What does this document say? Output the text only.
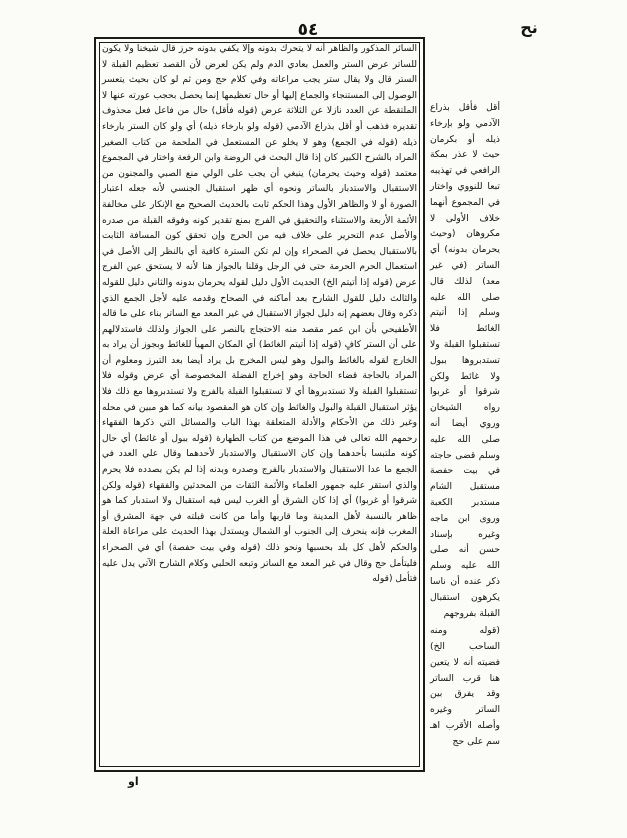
٥٤	نح

السائر المذكور والظاهر أنه لا يتحرك بدونه وإلا يكفي بدونه حرز قال شيخنا ولا يكون للساتر عرض الستر والعمل بعادي الدم ولم يكن لعرض لأن القصد تعظيم القبلة لا الستر قال ولا يقال ستر يجب مراعاته وفي كلام حج ومن ثم لو كان بحيث يتعسر الوصول إلى المستنجاء والجماع إليها أو حال تعظيمها إنما يحصل بحجب عورته عنها لا الملتقطة عن العدد نازلا عن الثلاثة عرض (قوله فأقل) حال من فاعل فعل محذوف تقديره فذهب أو أقل بذراع الآدمي (قوله ولو بارخاء ذيله) أي ولو كان الستر بارخاء ذيله (قوله في الجمع) وهو لا يخلو عن المستعمل في الملحمة من كتاب الصغير المراد بالشرح الكبير كان إذا قال البحث في الروضة وابن الرفعة واختار في المجموع معتمد (قوله وحيث يحرمان) ينبغي أن يجب على الولي منع الصبي والمجنون من الاستقبال والاستدبار بالساتر ونحوه أي ظهر استقبال الجنسي لأنه جعله اعتبار الصورة أو لا والظاهر الأول وهذا الحكم ثابت بالحديث الصحيح مع الإنكار على مخالفة الأئمة الأربعة والاستثناء والتحقيق في الفرج بمنع تقدير كونه وفوقه القبلة من صدره والأصل عدم التحرير على خلاف فيه من الحرج وإن تحقق كون المسافة الثابت بالاستقبال يحصل في الصحراء وإن لم تكن السترة كافية أي بالنظر إلى الأصل في استعمال الحرم الحرمة حتى في الرجل وقلنا بالجواز هنا لأنه لا يستحق عين الفرج عرض (قوله إذا أتيتم الخ) الحديث الأول دليل لقوله يحرمان بدونه والثاني دليل للقوله والثالث دليل للقول الشارح بعد أماكنه في الصحاح وقدمه عليه لأجل الجمع الذي ذكره وقال بعضهم إنه دليل لجواز الاستقبال في غير المعد مع الساتر بناء على ما قاله الأطفيحي بأن ابن عمر مقصد منه الاحتجاج بالنصر على الجواز ولذلك فاستدلالهم على أن الستر كافٍ (قوله إذا أتيتم الغائط) أي المكان المهيأ للغائط وبجوز أن يراد به الخارج لقوله بالغائط والبول وهو ليس المخرج بل يراد أيضا بعد التبرز ومعلوم أن المراد بالحاجة قضاء الحاجة وهو إخراج الفضلة المخصوصة أي عرض وقوله فلا تستقبلوا القبلة ولا تستدبروها أي لا تستقبلوا القبلة بالفرج ولا تستدبروها مع ذلك فلا يؤثر استقبال القبلة والبول والغائط وإن كان هو المقصود بيانه كما هو مبين في محله وغير ذلك من الأحكام والأدلة المتعلقة بهذا الباب والمسائل التي ذكرها الفقهاء رحمهم الله تعالى في هذا الموضع من كتاب الطهارة (قوله ببول أو غائط) أي حال كونه ملتبسا بأحدهما وإن كان الاستقبال والاستدبار لأحدهما وقال علي العدد في الجمع ما عدا الاستقبال والاستدبار بالفرج وصدره وبدنه إذا لم يكن بصدده فلا يحرم والذي استقر عليه جمهور العلماء والأئمة الثقات من المحدثين والفقهاء (قوله ولكن شرقوا أو غربوا) أي إذا كان الشرق أو الغرب ليس فيه استقبال ولا استدبار كما هو ظاهر بالنسبة لأهل المدينة وما قاربها وأما من كانت قبلته في جهة المشرق أو المغرب فإنه ينحرف إلى الجنوب أو الشمال ويستدل بهذا الحديث على مراعاة العلة والحكم لأهل كل بلد بحسبها ونحو ذلك (قوله وفي بيت حفصة) أي في الصحراء فليتأمل حج وقال في غير المعد مع الساتر وتبعه الحلبي وكلام الشارح الآتي يدل عليه فتأمل (قوله

أقل فأقل بذراع الآدمي ولو بإرخاء ذيله أو بكرمان حيث لا عذر بمكة الرافعي في تهذيبه تبعا للنووي واختار في المجموع أنهما خلاف الأولى لا مكروهان (وحيث يحرمان بدونه) أي الساتر (في غير معد) لذلك قال صلى الله عليه وسلم إذا أتيتم الغائط فلا تستقبلوا القبلة ولا تستدبروها ببول ولا غائط ولكن شرقوا أو غربوا رواه الشيخان وروي أيضا أنه صلى الله عليه وسلم قضى حاجته في بيت حفصة مستقبل الشام مستدبر الكعبة وروى ابن ماجه وغيره بإسناد حسن أنه صلى الله عليه وسلم ذكر عنده أن ناسا يكرهون استقبال القبلة بفروجهم

(قوله ومنه الساحب الخ) فضيته أنه لا يتعين هنا قرب الساتر وقد يفرق بين الساتر وغيره وأصله الأقرب اهـ سم على حج

او
